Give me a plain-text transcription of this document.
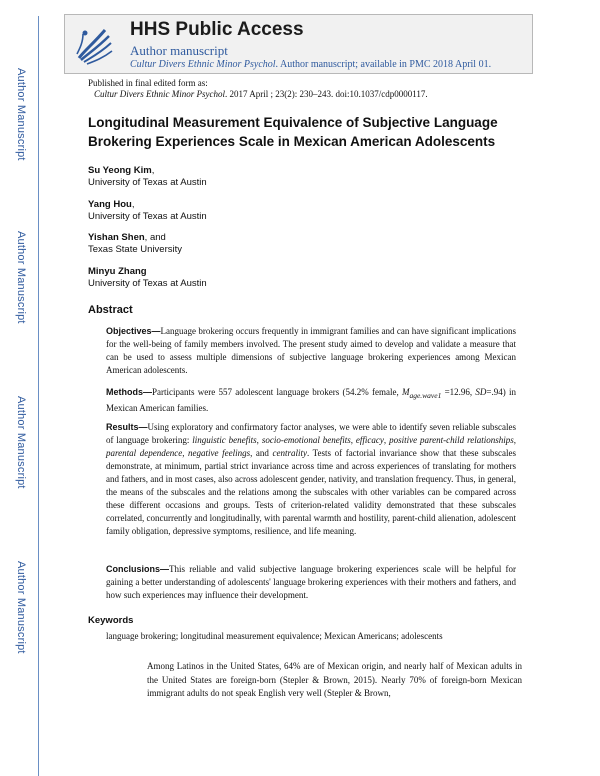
Author Manuscript
Author Manuscript
Author Manuscript
Author Manuscript
HHS Public Access
Author manuscript
Cultur Divers Ethnic Minor Psychol. Author manuscript; available in PMC 2018 April 01.
Published in final edited form as:
Cultur Divers Ethnic Minor Psychol. 2017 April ; 23(2): 230–243. doi:10.1037/cdp0000117.
Longitudinal Measurement Equivalence of Subjective Language Brokering Experiences Scale in Mexican American Adolescents
Su Yeong Kim,
University of Texas at Austin
Yang Hou,
University of Texas at Austin
Yishan Shen, and
Texas State University
Minyu Zhang
University of Texas at Austin
Abstract
Objectives—Language brokering occurs frequently in immigrant families and can have significant implications for the well-being of family members involved. The present study aimed to develop and validate a measure that can be used to assess multiple dimensions of subjective language brokering experiences among Mexican American adolescents.
Methods—Participants were 557 adolescent language brokers (54.2% female, $M_{age.wave1} =12.96$, SD=.94) in Mexican American families.
Results—Using exploratory and confirmatory factor analyses, we were able to identify seven reliable subscales of language brokering: linguistic benefits, socio-emotional benefits, efficacy, positive parent-child relationships, parental dependence, negative feelings, and centrality. Tests of factorial invariance show that these subscales demonstrate, at minimum, partial strict invariance across time and across experiences of translating for mothers and fathers, and in most cases, also across adolescent gender, nativity, and translation frequency. Thus, in general, the means of the subscales and the relations among the subscales with other variables can be compared across these different occasions and groups. Tests of criterion-related validity demonstrated that these subscales correlated, concurrently and longitudinally, with parental warmth and hostility, parent-child alienation, adolescent family obligation, depressive symptoms, resilience, and life meaning.
Conclusions—This reliable and valid subjective language brokering experiences scale will be helpful for gaining a better understanding of adolescents' language brokering experiences with their mothers and fathers, and how such experiences may influence their development.
Keywords
language brokering; longitudinal measurement equivalence; Mexican Americans; adolescents
Among Latinos in the United States, 64% are of Mexican origin, and nearly half of Mexican adults in the United States are foreign-born (Stepler & Brown, 2015). Nearly 70% of foreign-born Mexican immigrant adults do not speak English very well (Stepler & Brown,
